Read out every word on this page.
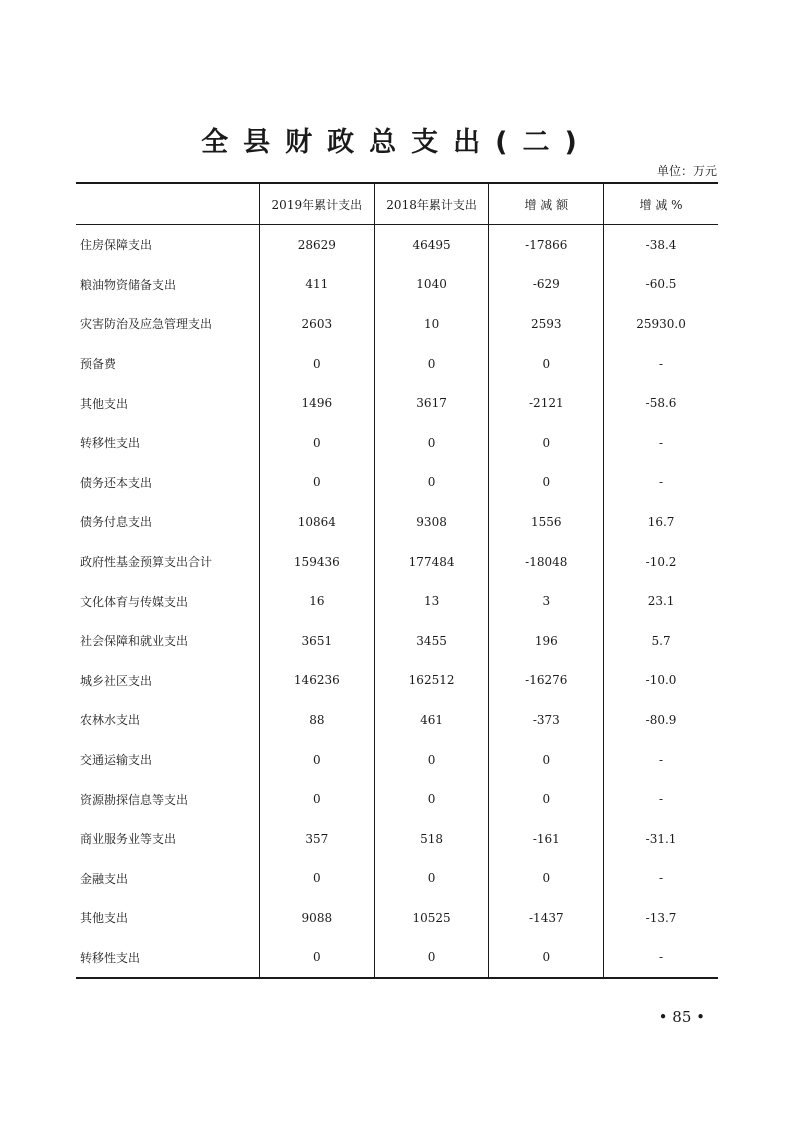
全县财政总支出(二)
单位：万元
	2019年累计支出	2018年累计支出	增 减 额	增 减 %
住房保障支出	28629	46495	-17866	-38.4
粮油物资储备支出	411	1040	-629	-60.5
灾害防治及应急管理支出	2603	10	2593	25930.0
预备费	0	0	0	-
其他支出	1496	3617	-2121	-58.6
转移性支出	0	0	0	-
债务还本支出	0	0	0	-
债务付息支出	10864	9308	1556	16.7
政府性基金预算支出合计	159436	177484	-18048	-10.2
文化体育与传媒支出	16	13	3	23.1
社会保障和就业支出	3651	3455	196	5.7
城乡社区支出	146236	162512	-16276	-10.0
农林水支出	88	461	-373	-80.9
交通运输支出	0	0	0	-
资源勘探信息等支出	0	0	0	-
商业服务业等支出	357	518	-161	-31.1
金融支出	0	0	0	-
其他支出	9088	10525	-1437	-13.7
转移性支出	0	0	0	-
• 85 •
